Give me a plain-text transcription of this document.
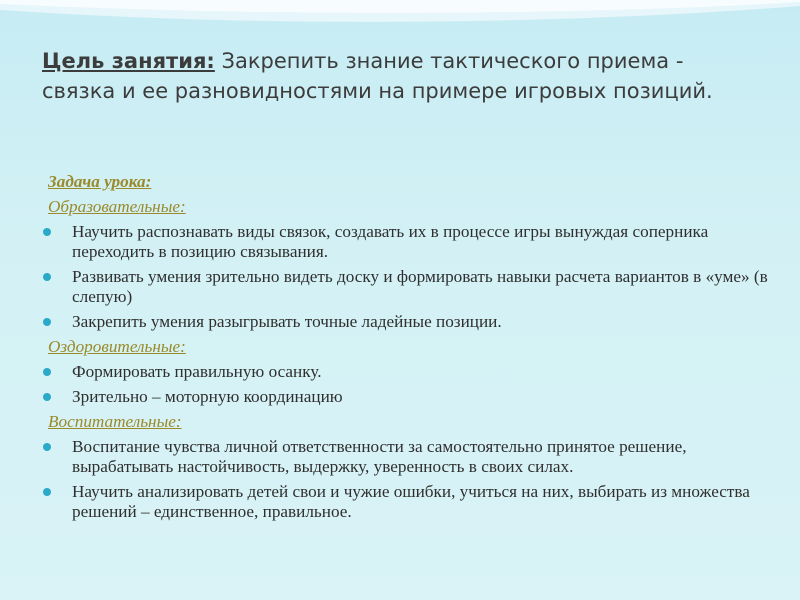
Цель занятия: Закрепить знание тактического приема - связка и ее разновидностями на примере игровых позиций.
Задача урока:
Образовательные:
Научить распознавать виды связок, создавать их в процессе игры вынуждая соперника переходить в позицию связывания.
Развивать умения зрительно видеть доску и формировать навыки расчета вариантов в «уме» (в слепую)
Закрепить умения разыгрывать точные ладейные позиции.
Оздоровительные:
Формировать правильную осанку.
Зрительно – моторную координацию
Воспитательные:
Воспитание чувства личной ответственности за самостоятельно принятое решение, вырабатывать настойчивость, выдержку, уверенность в своих силах.
Научить анализировать детей свои и чужие ошибки, учиться на них, выбирать из множества решений – единственное, правильное.
